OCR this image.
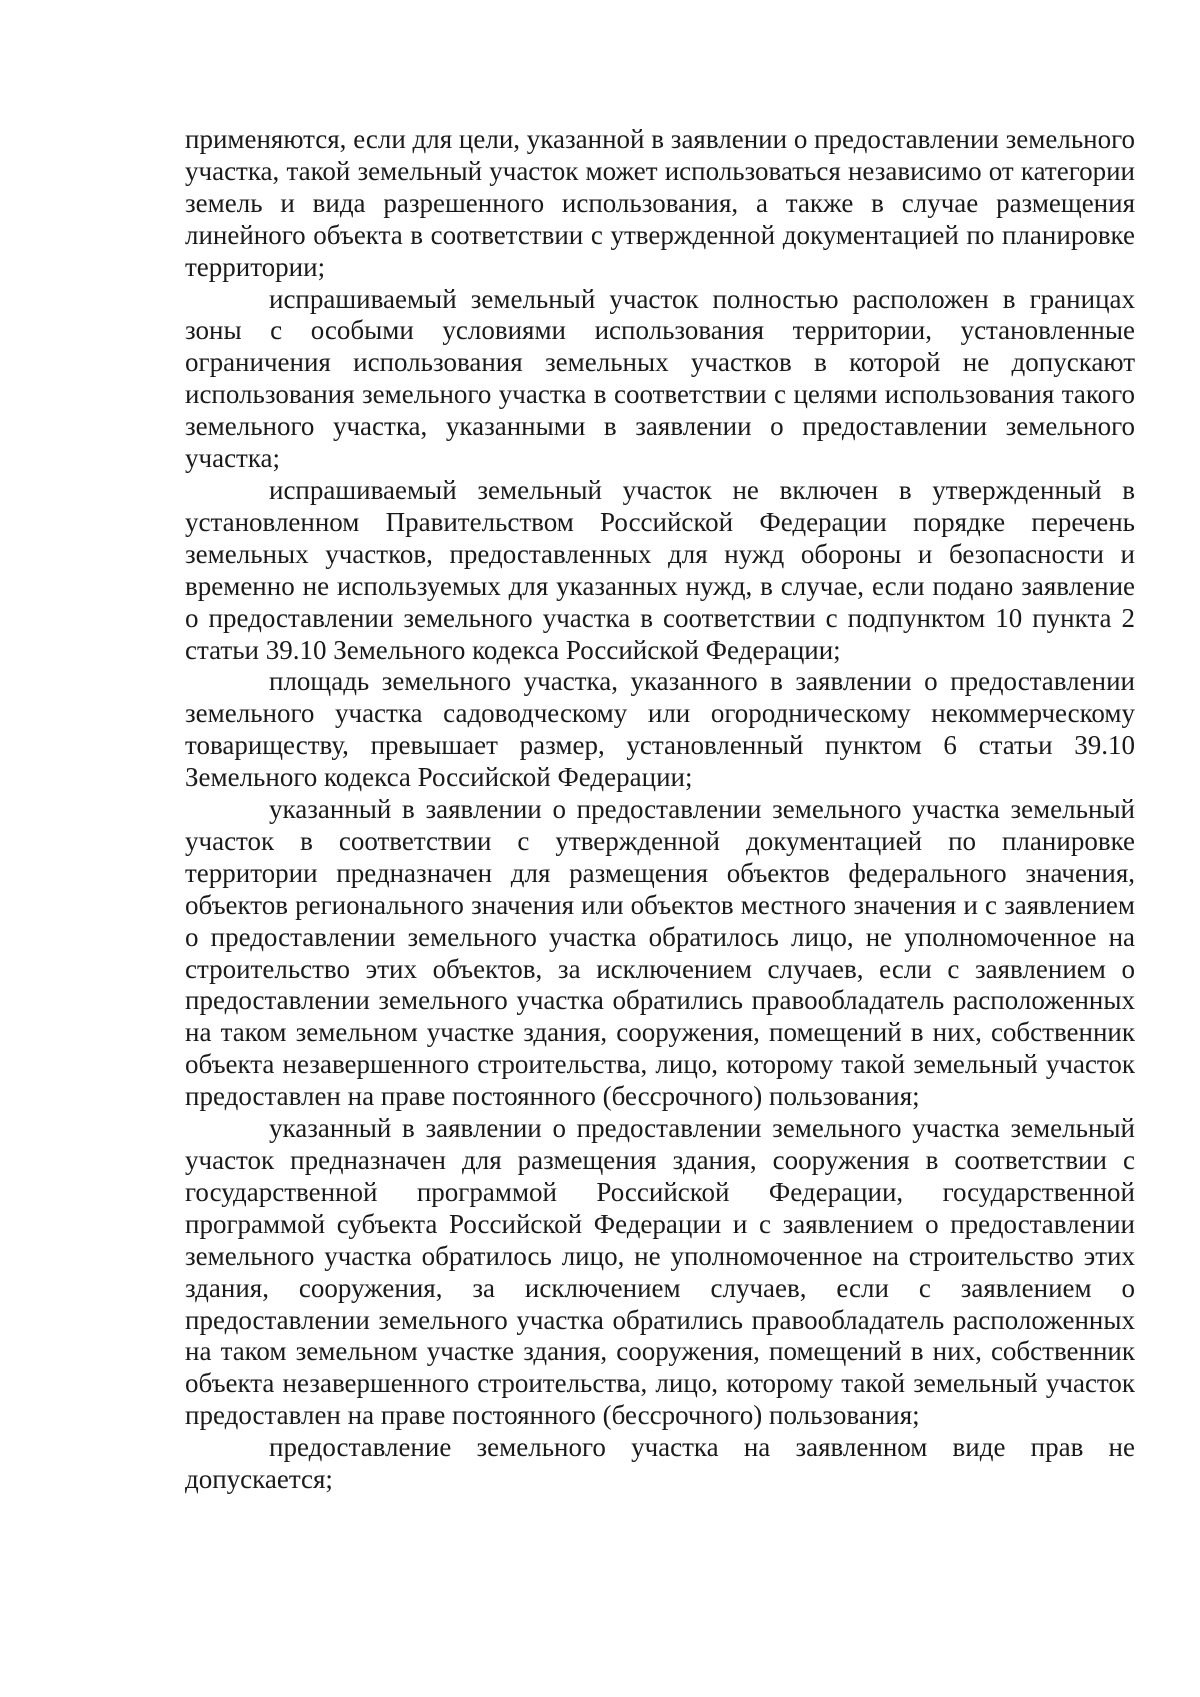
применяются, если для цели, указанной в заявлении о предоставлении земельного участка, такой земельный участок может использоваться независимо от категории земель и вида разрешенного использования, а также в случае размещения линейного объекта в соответствии с утвержденной документацией по планировке территории;

испрашиваемый земельный участок полностью расположен в границах зоны с особыми условиями использования территории, установленные ограничения использования земельных участков в которой не допускают использования земельного участка в соответствии с целями использования такого земельного участка, указанными в заявлении о предоставлении земельного участка;

испрашиваемый земельный участок не включен в утвержденный в установленном Правительством Российской Федерации порядке перечень земельных участков, предоставленных для нужд обороны и безопасности и временно не используемых для указанных нужд, в случае, если подано заявление о предоставлении земельного участка в соответствии с подпунктом 10 пункта 2 статьи 39.10 Земельного кодекса Российской Федерации;

площадь земельного участка, указанного в заявлении о предоставлении земельного участка садоводческому или огородническому некоммерческому товариществу, превышает размер, установленный пунктом 6 статьи 39.10 Земельного кодекса Российской Федерации;

указанный в заявлении о предоставлении земельного участка земельный участок в соответствии с утвержденной документацией по планировке территории предназначен для размещения объектов федерального значения, объектов регионального значения или объектов местного значения и с заявлением о предоставлении земельного участка обратилось лицо, не уполномоченное на строительство этих объектов, за исключением случаев, если с заявлением о предоставлении земельного участка обратились правообладатель расположенных на таком земельном участке здания, сооружения, помещений в них, собственник объекта незавершенного строительства, лицо, которому такой земельный участок предоставлен на праве постоянного (бессрочного) пользования;

указанный в заявлении о предоставлении земельного участка земельный участок предназначен для размещения здания, сооружения в соответствии с государственной программой Российской Федерации, государственной программой субъекта Российской Федерации и с заявлением о предоставлении земельного участка обратилось лицо, не уполномоченное на строительство этих здания, сооружения, за исключением случаев, если с заявлением о предоставлении земельного участка обратились правообладатель расположенных на таком земельном участке здания, сооружения, помещений в них, собственник объекта незавершенного строительства, лицо, которому такой земельный участок предоставлен на праве постоянного (бессрочного) пользования;

предоставление земельного участка на заявленном виде прав не допускается;
